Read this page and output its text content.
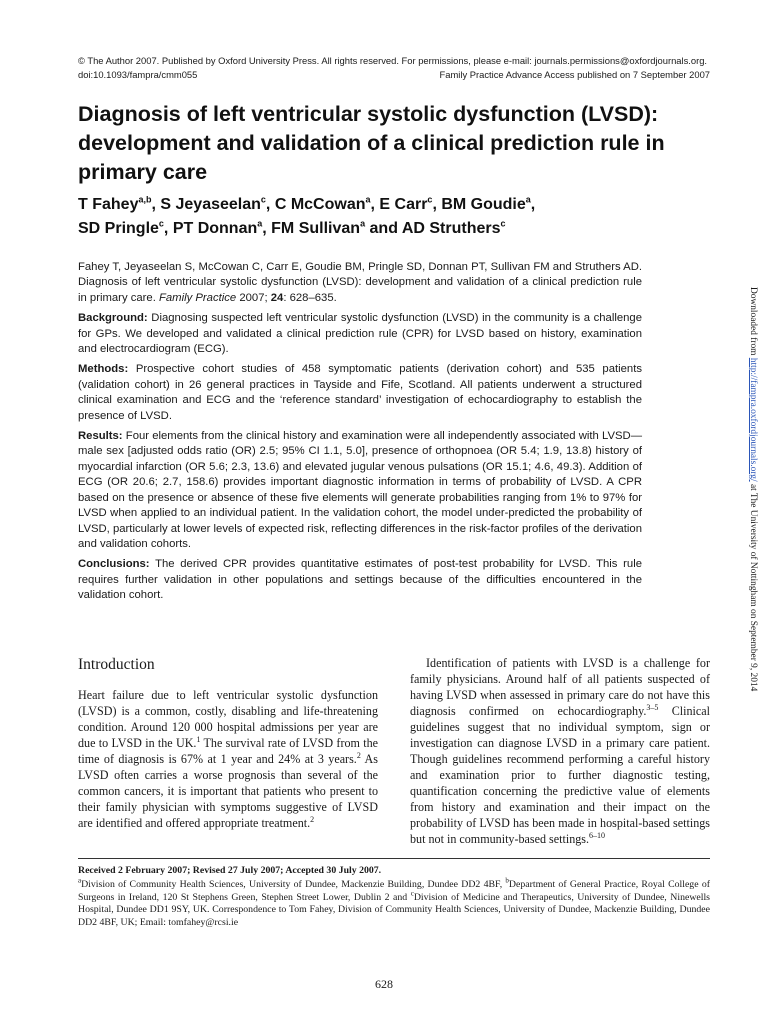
© The Author 2007. Published by Oxford University Press. All rights reserved. For permissions, please e-mail: journals.permissions@oxfordjournals.org.
doi:10.1093/fampra/cmm055	Family Practice Advance Access published on 7 September 2007
Diagnosis of left ventricular systolic dysfunction (LVSD): development and validation of a clinical prediction rule in primary care

T Fahey$^{a,b}$, S Jeyaseelan$^c$, C McCowan$^a$, E Carr$^c$, BM Goudie$^a$,
SD Pringle$^c$, PT Donnan$^a$, FM Sullivan$^a$ and AD Struthers$^c$

Fahey T, Jeyaseelan S, McCowan C, Carr E, Goudie BM, Pringle SD, Donnan PT, Sullivan FM and Struthers AD. Diagnosis of left ventricular systolic dysfunction (LVSD): development and validation of a clinical prediction rule in primary care. Family Practice 2007; 24: 628–635.

Background: Diagnosing suspected left ventricular systolic dysfunction (LVSD) in the community is a challenge for GPs. We developed and validated a clinical prediction rule (CPR) for LVSD based on history, examination and electrocardiogram (ECG).

Methods: Prospective cohort studies of 458 symptomatic patients (derivation cohort) and 535 patients (validation cohort) in 26 general practices in Tayside and Fife, Scotland. All patients underwent a structured clinical examination and ECG and the ‘reference standard’ investigation of echocardiography to establish the presence of LVSD.

Results: Four elements from the clinical history and examination were all independently associated with LVSD—male sex [adjusted odds ratio (OR) 2.5; 95% CI 1.1, 5.0], presence of orthopnoea (OR 5.4; 1.9, 13.8) history of myocardial infarction (OR 5.6; 2.3, 13.6) and elevated jugular venous pulsations (OR 15.1; 4.6, 49.3). Addition of ECG (OR 20.6; 2.7, 158.6) provides important diagnostic information in terms of probability of LVSD. A CPR based on the presence or absence of these five elements will generate probabilities ranging from 1% to 97% for LVSD when applied to an individual patient. In the validation cohort, the model under-predicted the probability of LVSD, particularly at lower levels of expected risk, reflecting differences in the risk-factor profiles of the derivation and validation cohorts.

Conclusions: The derived CPR provides quantitative estimates of post-test probability for LVSD. This rule requires further validation in other populations and settings because of the difficulties encountered in the validation cohort.

Downloaded from http://fampra.oxfordjournals.org/ at The University of Nottingham on September 9, 2014
Introduction

Heart failure due to left ventricular systolic dysfunction (LVSD) is a common, costly, disabling and life-threatening condition. Around 120 000 hospital admissions per year are due to LVSD in the UK.$^1$ The survival rate of LVSD from the time of diagnosis is 67% at 1 year and 24% at 3 years.$^2$ As LVSD often carries a worse prognosis than several of the common cancers, it is important that patients who present to their family physician with symptoms suggestive of LVSD are identified and offered appropriate treatment.$^2$

Identification of patients with LVSD is a challenge for family physicians. Around half of all patients suspected of having LVSD when assessed in primary care do not have this diagnosis confirmed on echocardiography.$^{3-5}$ Clinical guidelines suggest that no individual symptom, sign or investigation can diagnose LVSD in a primary care patient. Though guidelines recommend performing a careful history and examination prior to further diagnostic testing, quantification concerning the predictive value of elements from history and examination and their impact on the probability of LVSD has been made in hospital-based settings but not in community-based settings.$^{6-10}$

Received 2 February 2007; Revised 27 July 2007; Accepted 30 July 2007.

$^a$Division of Community Health Sciences, University of Dundee, Mackenzie Building, Dundee DD2 4BF, $^b$Department of General Practice, Royal College of Surgeons in Ireland, 120 St Stephens Green, Stephen Street Lower, Dublin 2 and $^c$Division of Medicine and Therapeutics, University of Dundee, Ninewells Hospital, Dundee DD1 9SY, UK. Correspondence to Tom Fahey, Division of Community Health Sciences, University of Dundee, Mackenzie Building, Dundee DD2 4BF, UK; Email: tomfahey@rcsi.ie

628
